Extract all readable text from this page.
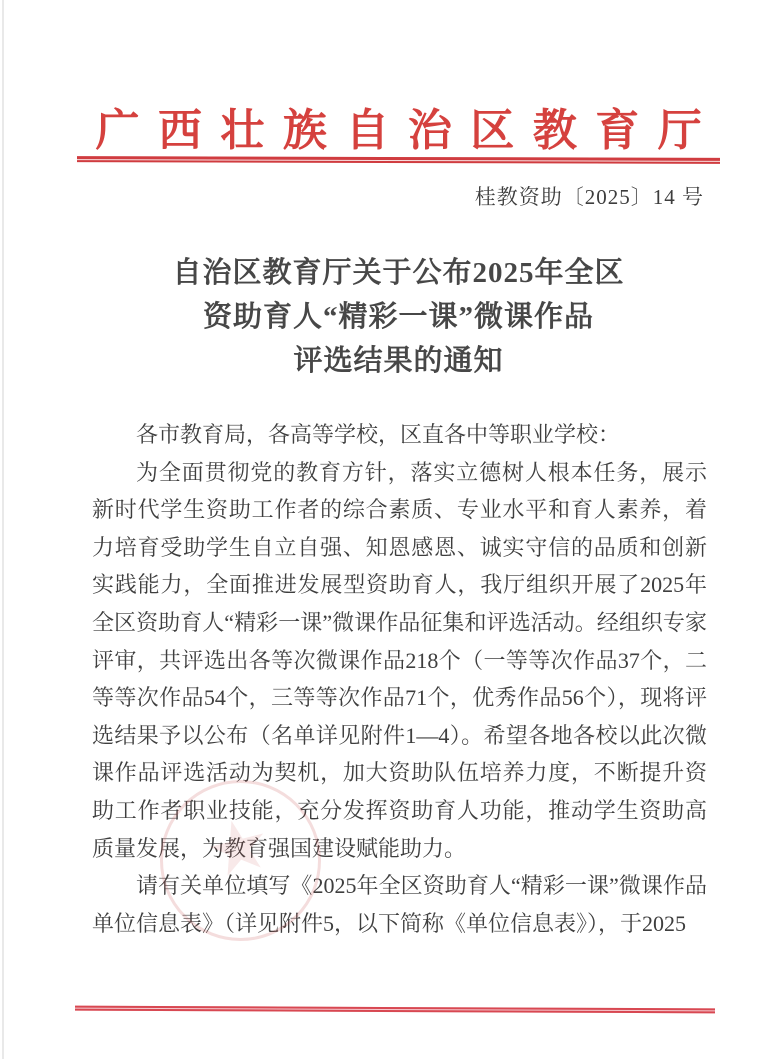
广西壮族自治区教育厅
桂教资助〔2025〕14 号
自治区教育厅关于公布2025年全区
资助育人“精彩一课”微课作品
评选结果的通知

各市教育局，各高等学校，区直各中等职业学校：

为全面贯彻党的教育方针，落实立德树人根本任务，展示新时代学生资助工作者的综合素质、专业水平和育人素养，着力培育受助学生自立自强、知恩感恩、诚实守信的品质和创新实践能力，全面推进发展型资助育人，我厅组织开展了2025年全区资助育人“精彩一课”微课作品征集和评选活动。经组织专家评审，共评选出各等次微课作品218个（一等等次作品37个，二等等次作品54个，三等等次作品71个，优秀作品56个），现将评选结果予以公布（名单详见附件1—4）。希望各地各校以此次微课作品评选活动为契机，加大资助队伍培养力度，不断提升资助工作者职业技能，充分发挥资助育人功能，推动学生资助高质量发展，为教育强国建设赋能助力。

请有关单位填写《2025年全区资助育人“精彩一课”微课作品单位信息表》（详见附件5，以下简称《单位信息表》），于2025

★
